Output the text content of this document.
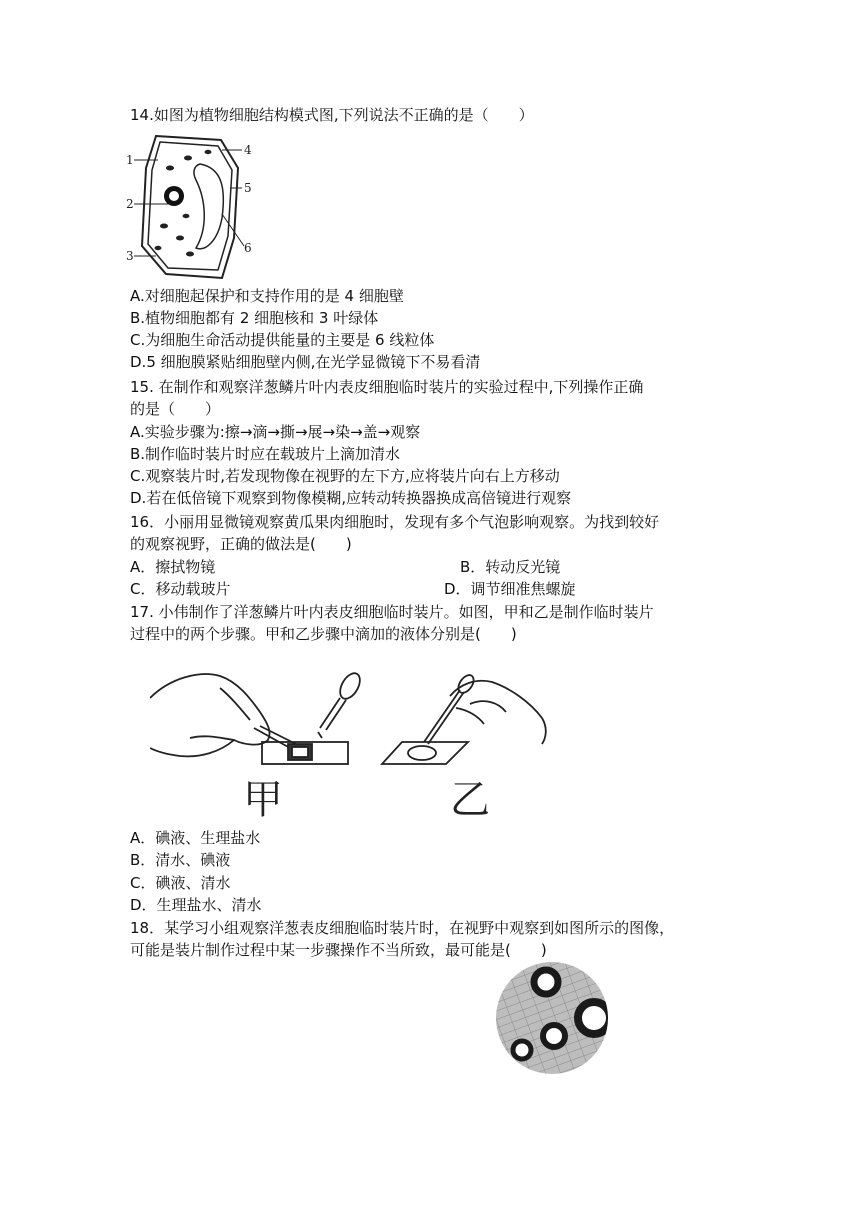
14.如图为植物细胞结构模式图,下列说法不正确的是（　　）
1
2
3
4
5
6
A.对细胞起保护和支持作用的是 4 细胞壁
B.植物细胞都有 2 细胞核和 3 叶绿体
C.为细胞生命活动提供能量的主要是 6 线粒体
D.5 细胞膜紧贴细胞壁内侧,在光学显微镜下不易看清
15. 在制作和观察洋葱鳞片叶内表皮细胞临时装片的实验过程中,下列操作正确
的是（　　）
A.实验步骤为:擦→滴→撕→展→染→盖→观察
B.制作临时装片时应在载玻片上滴加清水
C.观察装片时,若发现物像在视野的左下方,应将装片向右上方移动
D.若在低倍镜下观察到物像模糊,应转动转换器换成高倍镜进行观察
16．小丽用显微镜观察黄瓜果肉细胞时，发现有多个气泡影响观察。为找到较好
的观察视野，正确的做法是(　　)
A．擦拭物镜	B．转动反光镜
C．移动载玻片	D．调节细准焦螺旋
17. 小伟制作了洋葱鳞片叶内表皮细胞临时装片。如图，甲和乙是制作临时装片
过程中的两个步骤。甲和乙步骤中滴加的液体分别是(　　)
甲	乙
A．碘液、生理盐水
B．清水、碘液
C．碘液、清水
D．生理盐水、清水
18．某学习小组观察洋葱表皮细胞临时装片时，在视野中观察到如图所示的图像，
可能是装片制作过程中某一步骤操作不当所致，最可能是(　　)
